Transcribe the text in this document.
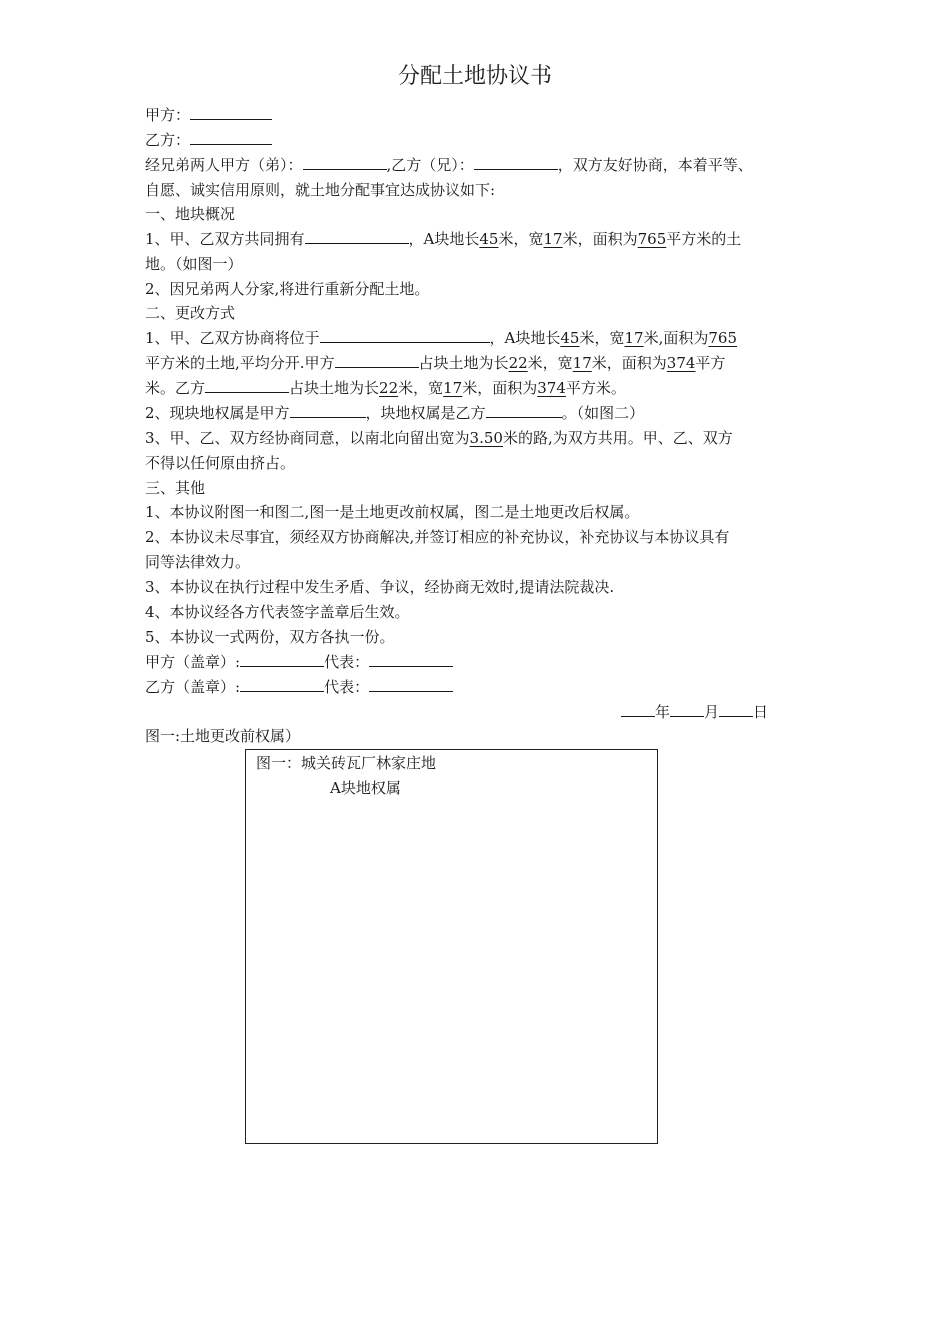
分配土地协议书
甲方：
乙方：
经兄弟两人甲方（弟）：	,乙方（兄）：	，双方友好协商，本着平等、
自愿、诚实信用原则，就土地分配事宜达成协议如下:
一、地块概况
1、甲、乙双方共同拥有	，A块地长45米，宽17米，面积为765平方米的土
地。（如图一）
2、因兄弟两人分家,将进行重新分配土地。
二、更改方式
1、甲、乙双方协商将位于	，A块地长45米，宽17米,面积为765
平方米的土地,平均分开.甲方	占块土地为长22米，宽17米，面积为374平方
米。乙方	占块土地为长22米，宽17米，面积为374平方米。
2、现块地权属是甲方	，块地权属是乙方	。（如图二）
3、甲、乙、双方经协商同意，以南北向留出宽为3.50米的路,为双方共用。甲、乙、双方
不得以任何原由挤占。
三、其他
1、本协议附图一和图二,图一是土地更改前权属，图二是土地更改后权属。
2、本协议未尽事宜，须经双方协商解决,并签订相应的补充协议，补充协议与本协议具有
同等法律效力。
3、本协议在执行过程中发生矛盾、争议，经协商无效时,提请法院裁决.
4、本协议经各方代表签字盖章后生效。
5、本协议一式两份，双方各执一份。
甲方（盖章）:	代表：
乙方（盖章）:	代表：
年 月 日
图一:土地更改前权属）
图一：城关砖瓦厂林家庄地
A块地权属
